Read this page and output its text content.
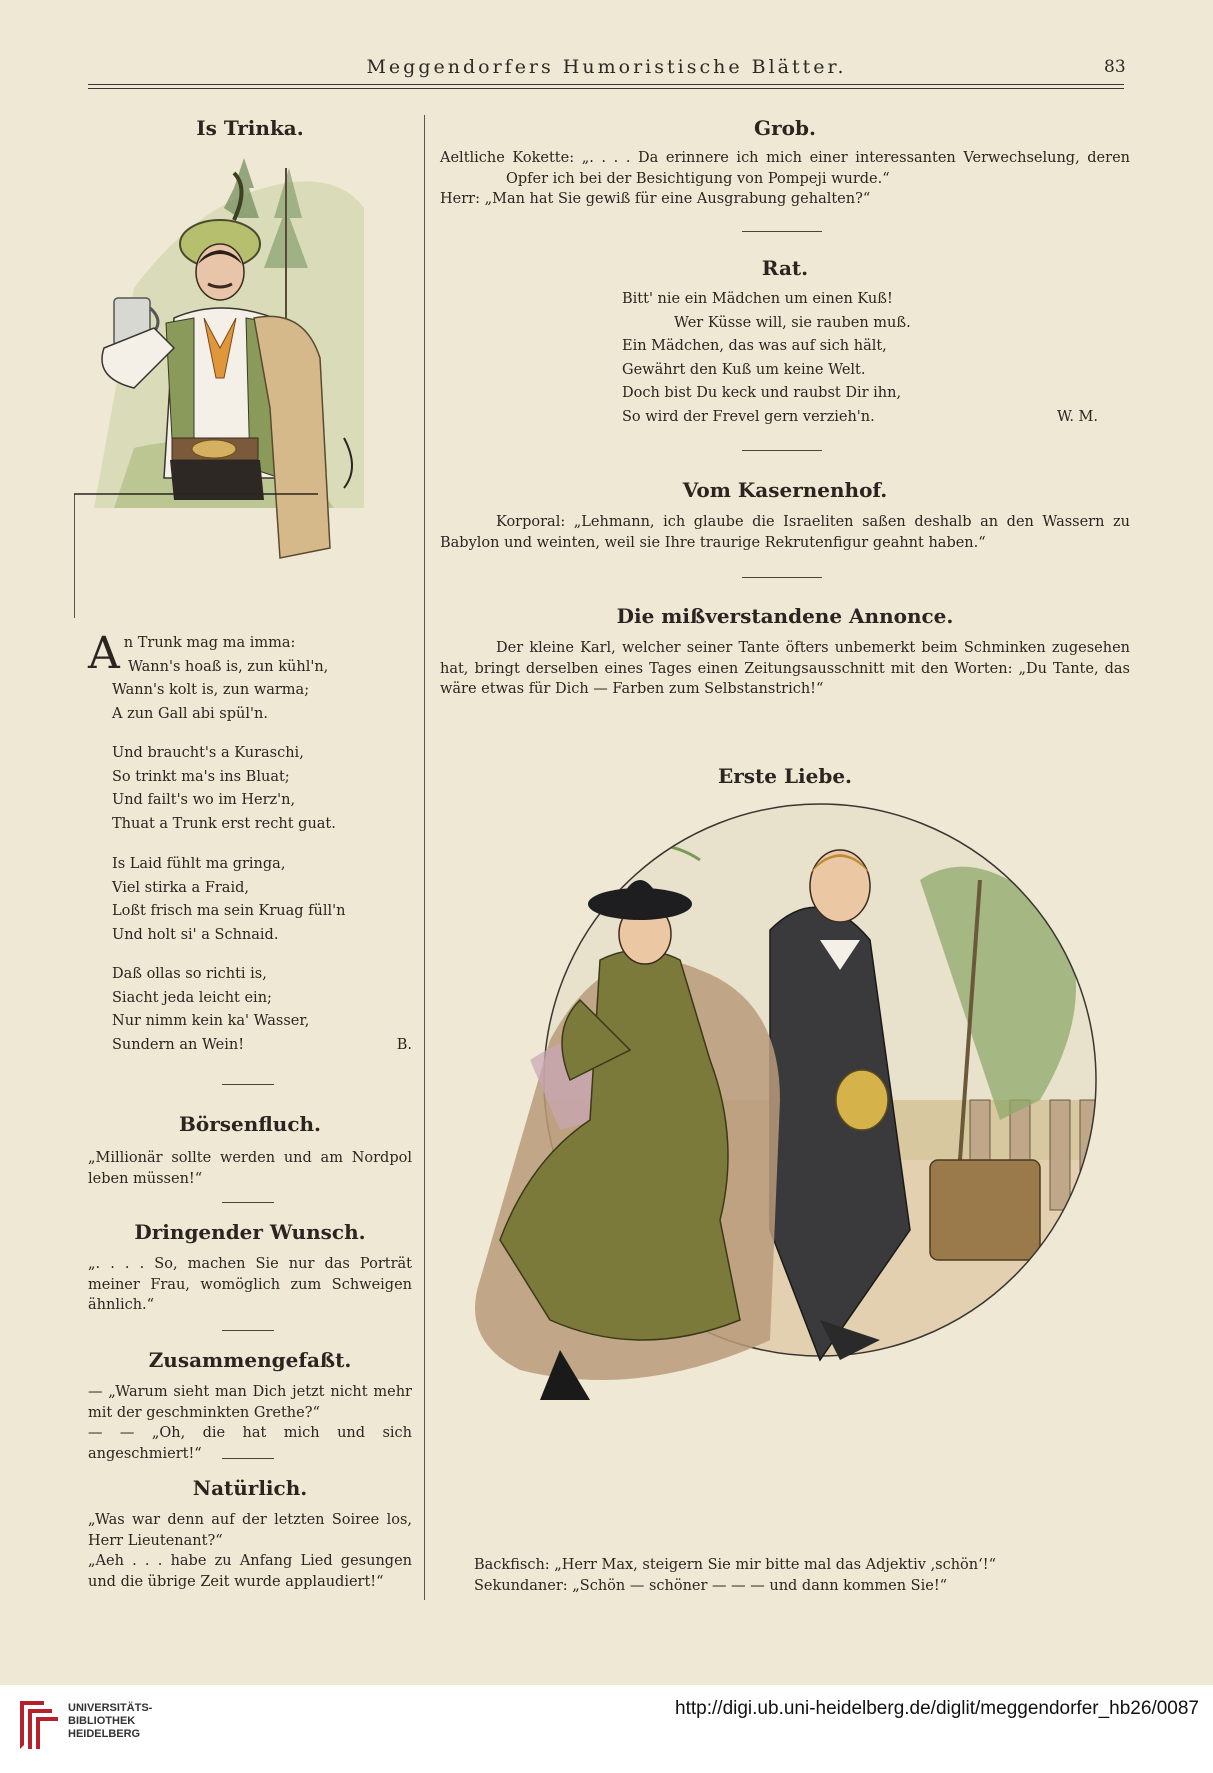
Meggendorfers Humoristische Blätter.	83
Is Trinka.
A n Trunk mag ma imma:
Wann's hoaß is, zun kühl'n,
Wann's kolt is, zun warma;
A zun Gall abi spül'n.
Und braucht's a Kuraschi,
So trinkt ma's ins Bluat;
Und failt's wo im Herz'n,
Thuat a Trunk erst recht guat.
Is Laid fühlt ma gringa,
Viel stirka a Fraid,
Loßt frisch ma sein Kruag füll'n
Und holt si' a Schnaid.
Daß ollas so richti is,
Siacht jeda leicht ein;
Nur nimm kein ka' Wasser,
Sundern an Wein!	B.
Börsenfluch.
„Millionär sollte werden und am Nordpol leben müssen!“
Dringender Wunsch.
„. . . . So, machen Sie nur das Porträt meiner Frau, womöglich zum Schweigen ähnlich.“
Zusammengefaßt.
— „Warum sieht man Dich jetzt nicht mehr mit der geschminkten Grethe?“
— — „Oh, die hat mich und sich angeschmiert!“
Natürlich.
„Was war denn auf der letzten Soiree los, Herr Lieutenant?“
„Aeh . . . habe zu Anfang Lied gesungen und die übrige Zeit wurde applaudiert!“
Grob.
Aeltliche Kokette: „. . . . Da erinnere ich mich einer interessanten Verwechselung, deren Opfer ich bei der Besichtigung von Pompeji wurde.“
Herr: „Man hat Sie gewiß für eine Ausgrabung gehalten?“
Rat.
Bitt' nie ein Mädchen um einen Kuß!
Wer Küsse will, sie rauben muß.
Ein Mädchen, das was auf sich hält,
Gewährt den Kuß um keine Welt.
Doch bist Du keck und raubst Dir ihn,
So wird der Frevel gern verzieh'n.	W. M.
Vom Kasernenhof.
Korporal: „Lehmann, ich glaube die Israeliten saßen deshalb an den Wassern zu Babylon und weinten, weil sie Ihre traurige Rekrutenfigur geahnt haben.“
Die mißverstandene Annonce.
Der kleine Karl, welcher seiner Tante öfters unbemerkt beim Schminken zugesehen hat, bringt derselben eines Tages einen Zeitungsausschnitt mit den Worten: „Du Tante, das wäre etwas für Dich — Farben zum Selbstanstrich!“
Erste Liebe.
Backfisch: „Herr Max, steigern Sie mir bitte mal das Adjektiv ‚schön‘!“
Sekundaner: „Schön — schöner — — — und dann kommen Sie!“
UNIVERSITÄTS-
BIBLIOTHEK
HEIDELBERG
http://digi.ub.uni-heidelberg.de/diglit/meggendorfer_hb26/0087
